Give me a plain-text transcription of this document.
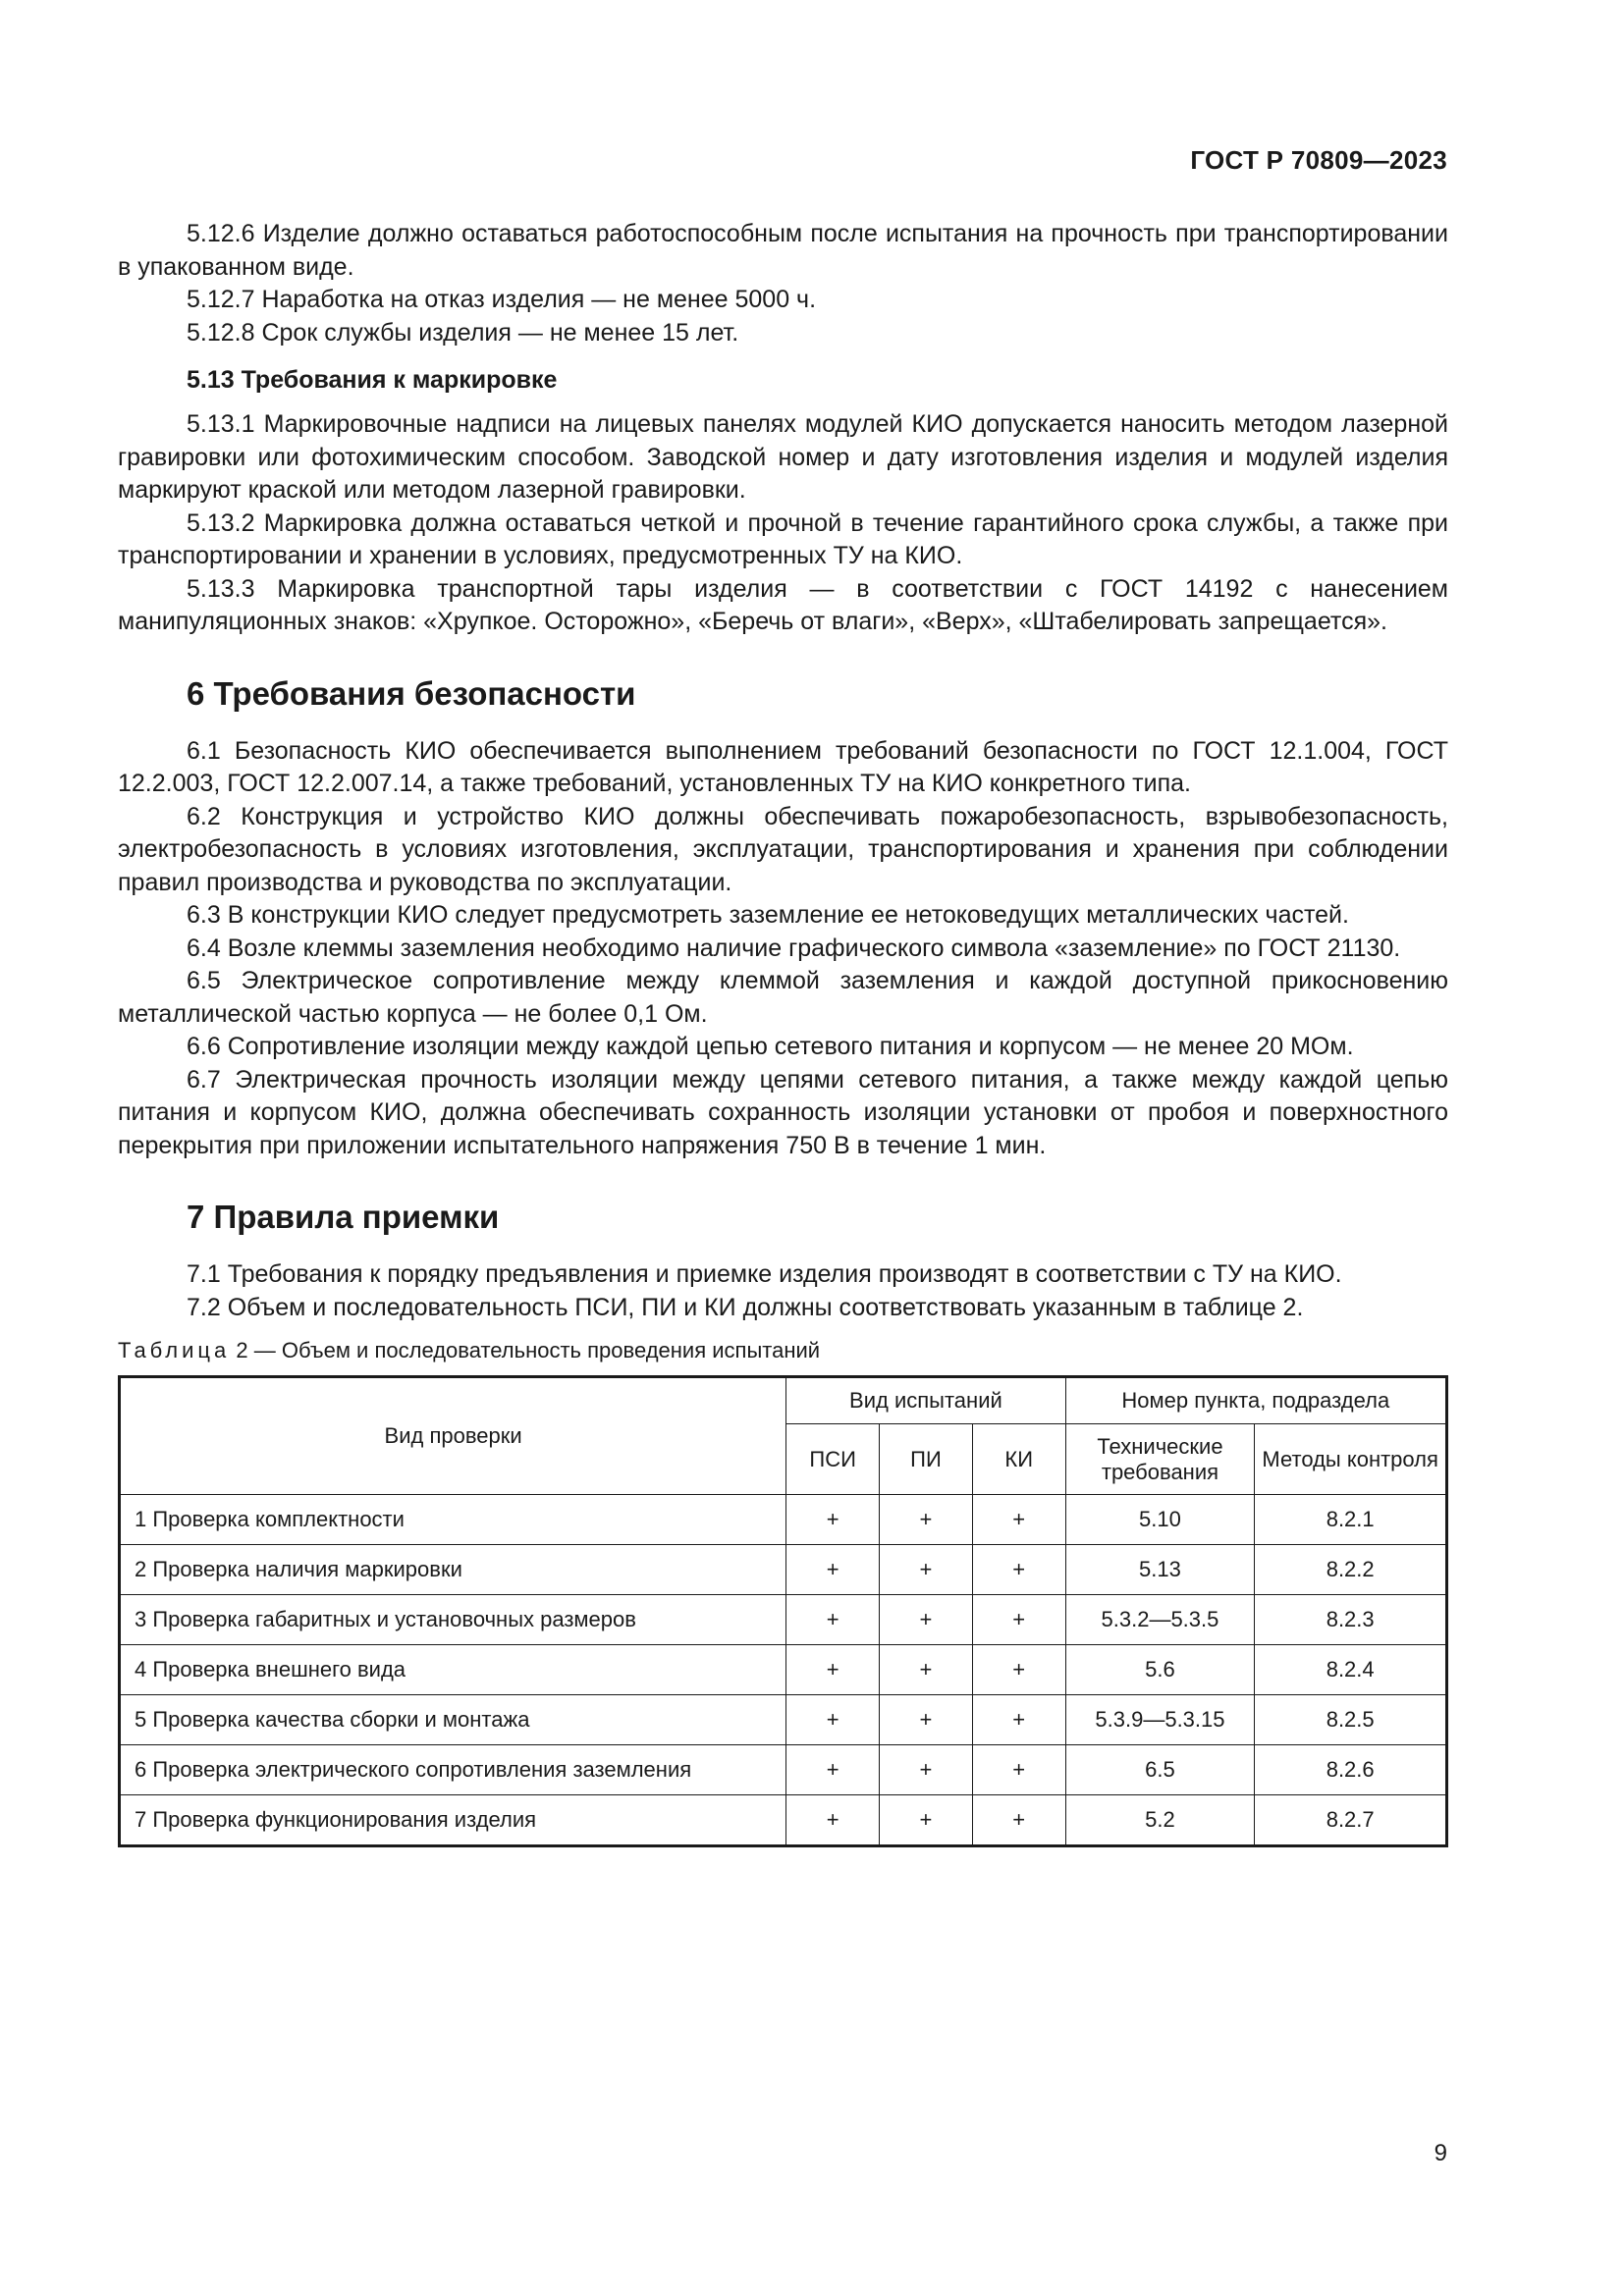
ГОСТ Р 70809—2023

5.12.6 Изделие должно оставаться работоспособным после испытания на прочность при транспортировании в упакованном виде.

5.12.7 Наработка на отказ изделия — не менее 5000 ч.

5.12.8 Срок службы изделия — не менее 15 лет.

5.13 Требования к маркировке

5.13.1 Маркировочные надписи на лицевых панелях модулей КИО допускается наносить методом лазерной гравировки или фотохимическим способом. Заводской номер и дату изготовления изделия и модулей изделия маркируют краской или методом лазерной гравировки.

5.13.2 Маркировка должна оставаться четкой и прочной в течение гарантийного срока службы, а также при транспортировании и хранении в условиях, предусмотренных ТУ на КИО.

5.13.3 Маркировка транспортной тары изделия — в соответствии с ГОСТ 14192 с нанесением манипуляционных знаков: «Хрупкое. Осторожно», «Беречь от влаги», «Верх», «Штабелировать запрещается».

6 Требования безопасности

6.1 Безопасность КИО обеспечивается выполнением требований безопасности по ГОСТ 12.1.004, ГОСТ 12.2.003, ГОСТ 12.2.007.14, а также требований, установленных ТУ на КИО конкретного типа.

6.2 Конструкция и устройство КИО должны обеспечивать пожаробезопасность, взрывобезопасность, электробезопасность в условиях изготовления, эксплуатации, транспортирования и хранения при соблюдении правил производства и руководства по эксплуатации.

6.3 В конструкции КИО следует предусмотреть заземление ее нетоковедущих металлических частей.

6.4 Возле клеммы заземления необходимо наличие графического символа «заземление» по ГОСТ 21130.

6.5 Электрическое сопротивление между клеммой заземления и каждой доступной прикосновению металлической частью корпуса — не более 0,1 Ом.

6.6 Сопротивление изоляции между каждой цепью сетевого питания и корпусом — не менее 20 МОм.

6.7 Электрическая прочность изоляции между цепями сетевого питания, а также между каждой цепью питания и корпусом КИО, должна обеспечивать сохранность изоляции установки от пробоя и поверхностного перекрытия при приложении испытательного напряжения 750 В в течение 1 мин.

7 Правила приемки

7.1 Требования к порядку предъявления и приемке изделия производят в соответствии с ТУ на КИО.

7.2 Объем и последовательность ПСИ, ПИ и КИ должны соответствовать указанным в таблице 2.

Таблица 2 — Объем и последовательность проведения испытаний
Вид проверки	Вид испытаний			Номер пункта, подраздела	
	ПСИ	ПИ	КИ	Технические требования	Методы контроля
1 Проверка комплектности	+	+	+	5.10	8.2.1
2 Проверка наличия маркировки	+	+	+	5.13	8.2.2
3 Проверка габаритных и установочных размеров	+	+	+	5.3.2—5.3.5	8.2.3
4 Проверка внешнего вида	+	+	+	5.6	8.2.4
5 Проверка качества сборки и монтажа	+	+	+	5.3.9—5.3.15	8.2.5
6 Проверка электрического сопротивления заземления	+	+	+	6.5	8.2.6
7 Проверка функционирования изделия	+	+	+	5.2	8.2.7
9
